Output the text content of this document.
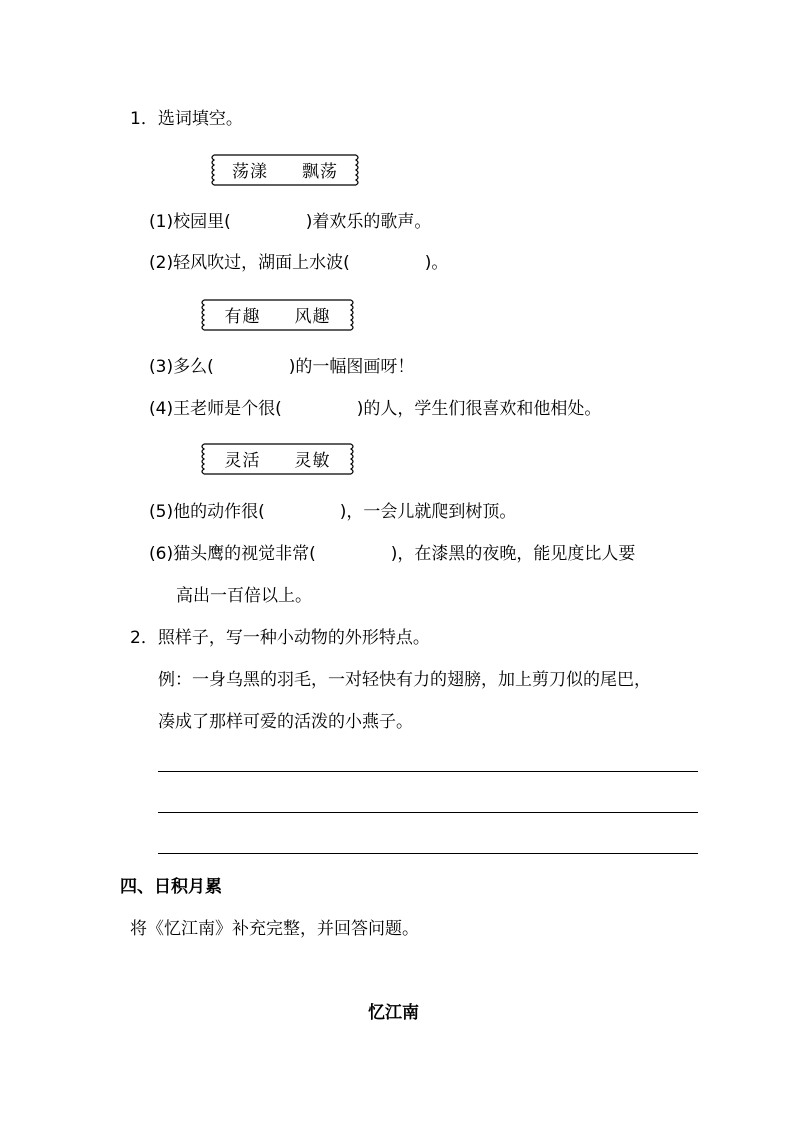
1．选词填空。
荡漾 飘荡
(1)校园里(	)着欢乐的歌声。
(2)轻风吹过，湖面上水波(	)。
有趣 风趣
(3)多么(	)的一幅图画呀！
(4)王老师是个很(	)的人，学生们很喜欢和他相处。
灵活 灵敏
(5)他的动作很(	)，一会儿就爬到树顶。
(6)猫头鹰的视觉非常(	)，在漆黑的夜晚，能见度比人要
高出一百倍以上。
2．照样子，写一种小动物的外形特点。
例：一身乌黑的羽毛，一对轻快有力的翅膀，加上剪刀似的尾巴，
凑成了那样可爱的活泼的小燕子。
四、日积月累
将《忆江南》补充完整，并回答问题。
忆江南
